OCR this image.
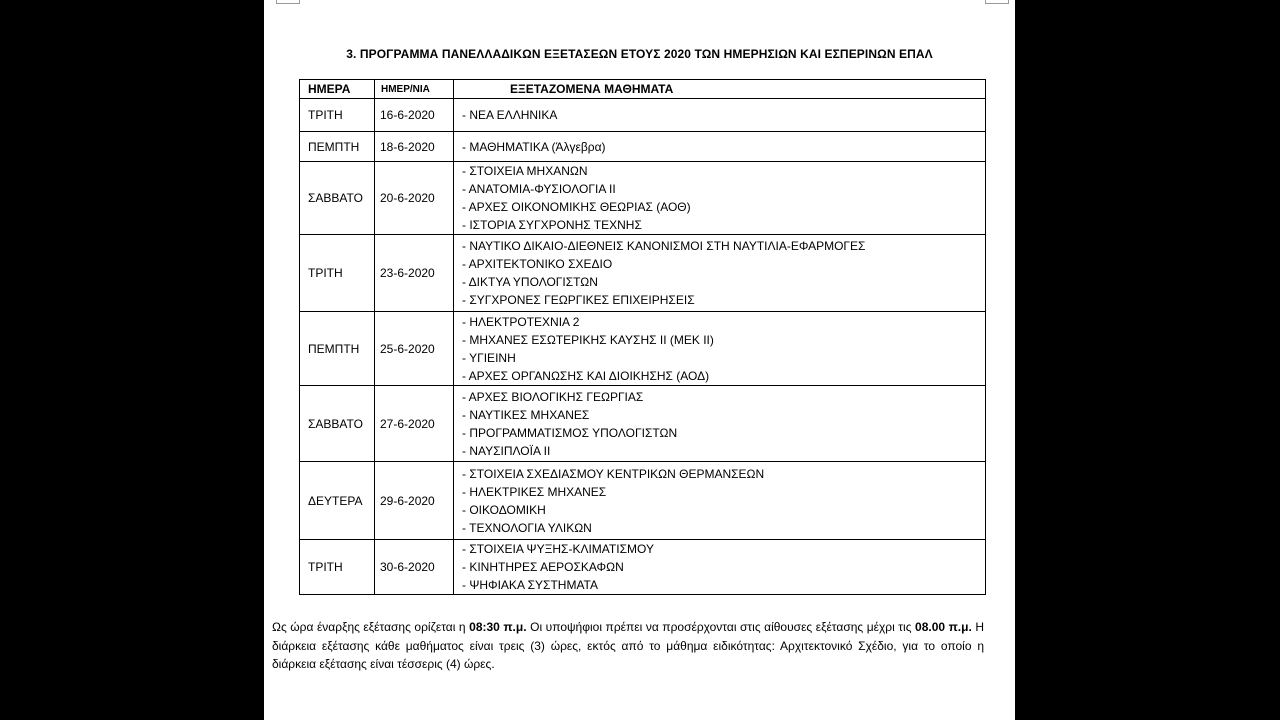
3. ΠΡΟΓΡΑΜΜΑ ΠΑΝΕΛΛΑΔΙΚΩΝ ΕΞΕΤΑΣΕΩΝ ΕΤΟΥΣ 2020 ΤΩΝ ΗΜΕΡΗΣΙΩΝ ΚΑΙ ΕΣΠΕΡΙΝΩΝ ΕΠΑΛ
ΗΜΕΡΑ	ΗΜΕΡ/ΝΙΑ	ΕΞΕΤΑΖΟΜΕΝΑ ΜΑΘΗΜΑΤΑ
ΤΡΙΤΗ	16-6-2020	- ΝΕΑ ΕΛΛΗΝΙΚΑ

ΠΕΜΠΤΗ	18-6-2020	- ΜΑΘΗΜΑΤΙΚΑ (Άλγεβρα)

ΣΑΒΒΑΤΟ	20-6-2020	- ΣΤΟΙΧΕΙΑ ΜΗΧΑΝΩΝ
- ΑΝΑΤΟΜΙΑ-ΦΥΣΙΟΛΟΓΙΑ ΙΙ
- ΑΡΧΕΣ ΟΙΚΟΝΟΜΙΚΗΣ ΘΕΩΡΙΑΣ (ΑΟΘ)
- ΙΣΤΟΡΙΑ ΣΥΓΧΡΟΝΗΣ ΤΕΧΝΗΣ

ΤΡΙΤΗ	23-6-2020	- ΝΑΥΤΙΚΟ ΔΙΚΑΙΟ-ΔΙΕΘΝΕΙΣ ΚΑΝΟΝΙΣΜΟΙ ΣΤΗ ΝΑΥΤΙΛΙΑ-ΕΦΑΡΜΟΓΕΣ
- ΑΡΧΙΤΕΚΤΟΝΙΚΟ ΣΧΕΔΙΟ
- ΔΙΚΤΥΑ ΥΠΟΛΟΓΙΣΤΩΝ
- ΣΥΓΧΡΟΝΕΣ ΓΕΩΡΓΙΚΕΣ ΕΠΙΧΕΙΡΗΣΕΙΣ

ΠΕΜΠΤΗ	25-6-2020	- ΗΛΕΚΤΡΟΤΕΧΝΙΑ 2
- ΜΗΧΑΝΕΣ ΕΣΩΤΕΡΙΚΗΣ ΚΑΥΣΗΣ ΙΙ (ΜΕΚ ΙΙ)
- ΥΓΙΕΙΝΗ
- ΑΡΧΕΣ ΟΡΓΑΝΩΣΗΣ ΚΑΙ ΔΙΟΙΚΗΣΗΣ (ΑΟΔ)

ΣΑΒΒΑΤΟ	27-6-2020	- ΑΡΧΕΣ ΒΙΟΛΟΓΙΚΗΣ ΓΕΩΡΓΙΑΣ
- ΝΑΥΤΙΚΕΣ ΜΗΧΑΝΕΣ
- ΠΡΟΓΡΑΜΜΑΤΙΣΜΟΣ ΥΠΟΛΟΓΙΣΤΩΝ
- ΝΑΥΣΙΠΛΟΪΑ ΙΙ

ΔΕΥΤΕΡΑ	29-6-2020	- ΣΤΟΙΧΕΙΑ ΣΧΕΔΙΑΣΜΟΥ ΚΕΝΤΡΙΚΩΝ ΘΕΡΜΑΝΣΕΩΝ
- ΗΛΕΚΤΡΙΚΕΣ ΜΗΧΑΝΕΣ
- ΟΙΚΟΔΟΜΙΚΗ
- ΤΕΧΝΟΛΟΓΙΑ ΥΛΙΚΩΝ

ΤΡΙΤΗ	30-6-2020	- ΣΤΟΙΧΕΙΑ ΨΥΞΗΣ-ΚΛΙΜΑΤΙΣΜΟΥ
- ΚΙΝΗΤΗΡΕΣ ΑΕΡΟΣΚΑΦΩΝ
- ΨΗΦΙΑΚΑ ΣΥΣΤΗΜΑΤΑ
Ως ώρα έναρξης εξέτασης ορίζεται η 08:30 π.μ. Οι υποψήφιοι πρέπει να προσέρχονται στις αίθουσες εξέτασης μέχρι τις 08.00 π.μ. Η διάρκεια εξέτασης κάθε μαθήματος είναι τρεις (3) ώρες, εκτός από το μάθημα ειδικότητας: Αρχιτεκτονικό Σχέδιο, για το οποίο η διάρκεια εξέτασης είναι τέσσερις (4) ώρες.
